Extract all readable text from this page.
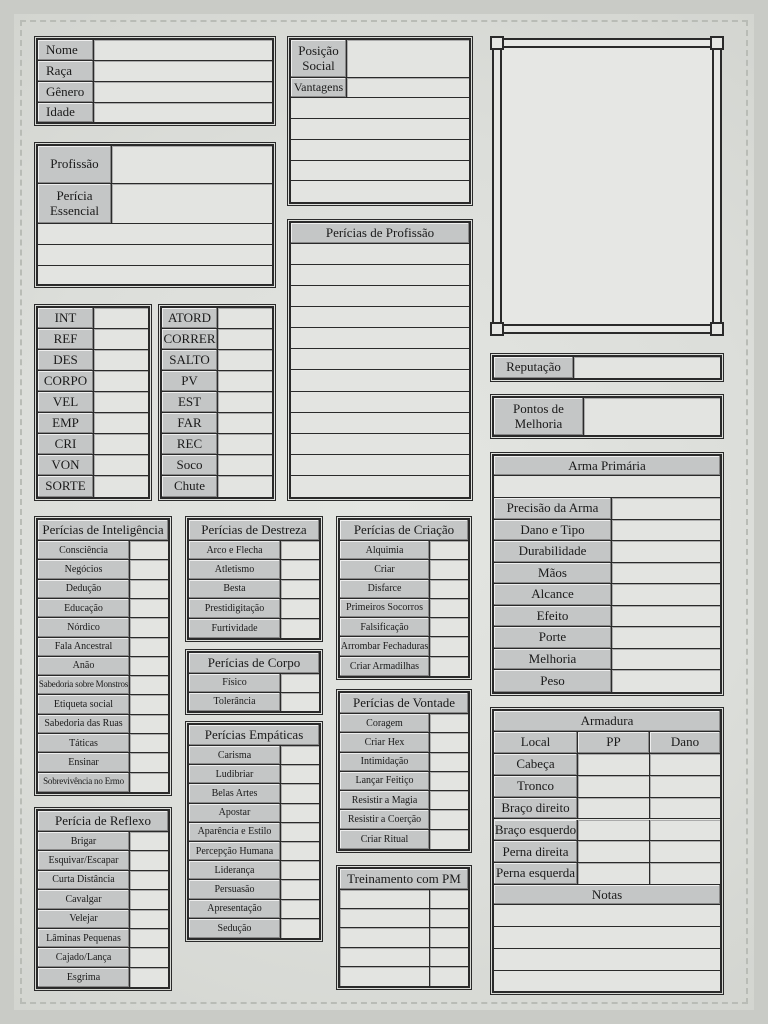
Nome
Raça
Gênero
Idade
Posição Social
Vantagens
Profissão
Perícia Essencial
Perícias de Profissão
INT
REF
DES
CORPO
VEL
EMP
CRI
VON
SORTE
ATORD
CORRER
SALTO
PV
EST
FAR
REC
Soco
Chute
Reputação
Pontos de Melhoria
Arma Primária
Precisão da Arma
Dano e Tipo
Durabilidade
Mãos
Alcance
Efeito
Porte
Melhoria
Peso
Armadura
Local	PP	Dano
Cabeça
Tronco
Braço direito
Braço esquerdo
Perna direita
Perna esquerda
Notas
Perícias de Inteligência
Consciência
Negócios
Dedução
Educação
Nórdico
Fala Ancestral
Anão
Sabedoria sobre Monstros
Etiqueta social
Sabedoria das Ruas
Táticas
Ensinar
Sobrevivência no Ermo
Perícia de Reflexo
Brigar
Esquivar/Escapar
Curta Distância
Cavalgar
Velejar
Lâminas Pequenas
Cajado/Lança
Esgrima
Perícias de Destreza
Arco e Flecha
Atletismo
Besta
Prestidigitação
Furtividade
Perícias de Corpo
Físico
Tolerância
Perícias Empáticas
Carisma
Ludibriar
Belas Artes
Apostar
Aparência e Estilo
Percepção Humana
Liderança
Persuasão
Apresentação
Sedução
Perícias de Criação
Alquimia
Criar
Disfarce
Primeiros Socorros
Falsificação
Arrombar Fechaduras
Criar Armadilhas
Perícias de Vontade
Coragem
Criar Hex
Intimidação
Lançar Feitiço
Resistir a Magia
Resistir a Coerção
Criar Ritual
Treinamento com PM
